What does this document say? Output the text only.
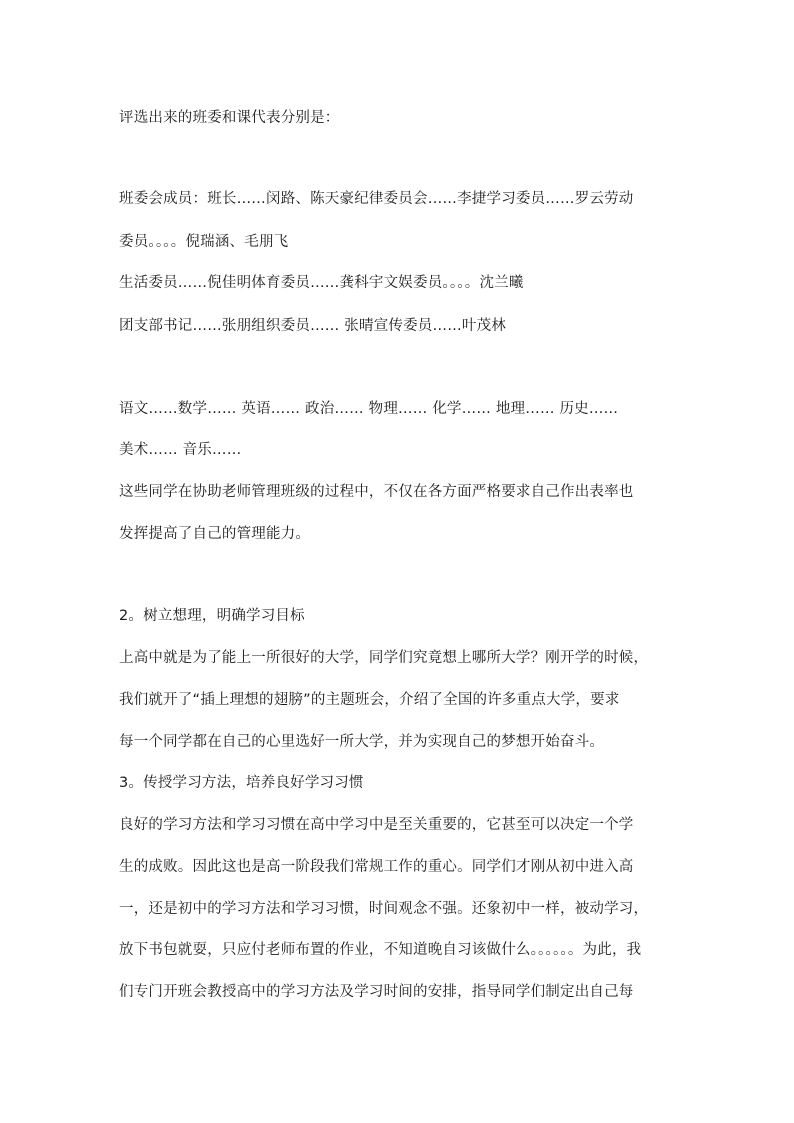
评选出来的班委和课代表分别是：
班委会成员：班长……闵路、陈天豪纪律委员会……李捷学习委员……罗云劳动
委员。。。。倪瑞涵、毛朋飞
生活委员……倪佳明体育委员……龚科宇文娱委员。。。。沈兰曦
团支部书记……张朋组织委员…… 张晴宣传委员……叶茂林
语文……数学…… 英语…… 政治…… 物理…… 化学…… 地理…… 历史……
美术…… 音乐……
这些同学在协助老师管理班级的过程中，不仅在各方面严格要求自己作出表率也
发挥提高了自己的管理能力。
2。树立想理，明确学习目标
上高中就是为了能上一所很好的大学，同学们究竟想上哪所大学？刚开学的时候，
我们就开了“插上理想的翅膀”的主题班会，介绍了全国的许多重点大学，要求
每一个同学都在自己的心里选好一所大学，并为实现自己的梦想开始奋斗。
3。传授学习方法，培养良好学习习惯
良好的学习方法和学习习惯在高中学习中是至关重要的，它甚至可以决定一个学
生的成败。因此这也是高一阶段我们常规工作的重心。同学们才刚从初中进入高
一，还是初中的学习方法和学习习惯，时间观念不强。还象初中一样，被动学习，
放下书包就耍，只应付老师布置的作业，不知道晚自习该做什么。。。。。。为此，我
们专门开班会教授高中的学习方法及学习时间的安排，指导同学们制定出自己每
